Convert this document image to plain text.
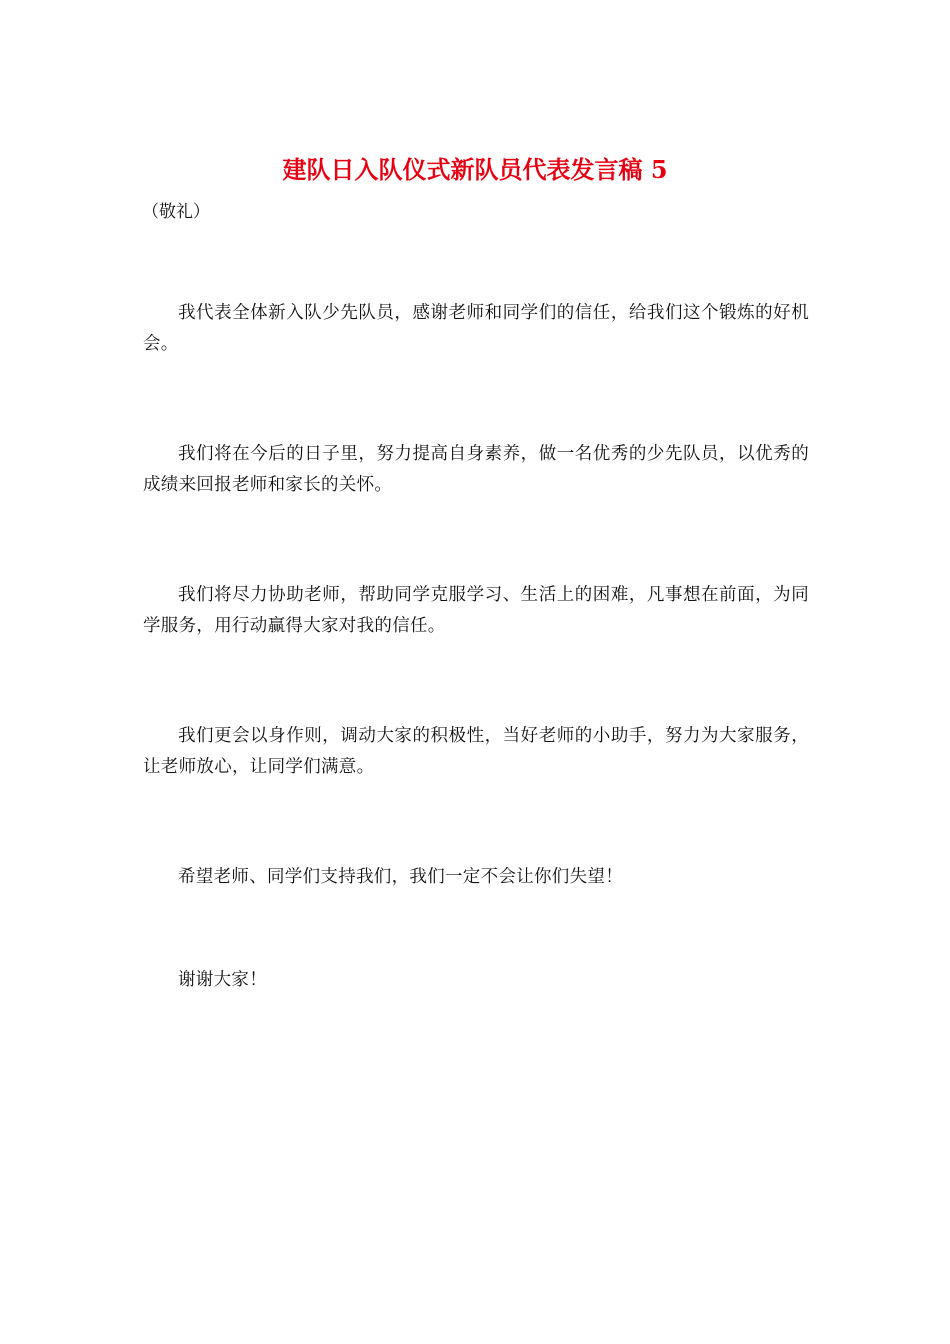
建队日入队仪式新队员代表发言稿 5

（敬礼）

我代表全体新入队少先队员，感谢老师和同学们的信任，给我们这个锻炼的好机会。

我们将在今后的日子里，努力提高自身素养，做一名优秀的少先队员，以优秀的成绩来回报老师和家长的关怀。

我们将尽力协助老师，帮助同学克服学习、生活上的困难，凡事想在前面，为同学服务，用行动赢得大家对我的信任。

我们更会以身作则，调动大家的积极性，当好老师的小助手，努力为大家服务，让老师放心，让同学们满意。

希望老师、同学们支持我们，我们一定不会让你们失望！

谢谢大家！
